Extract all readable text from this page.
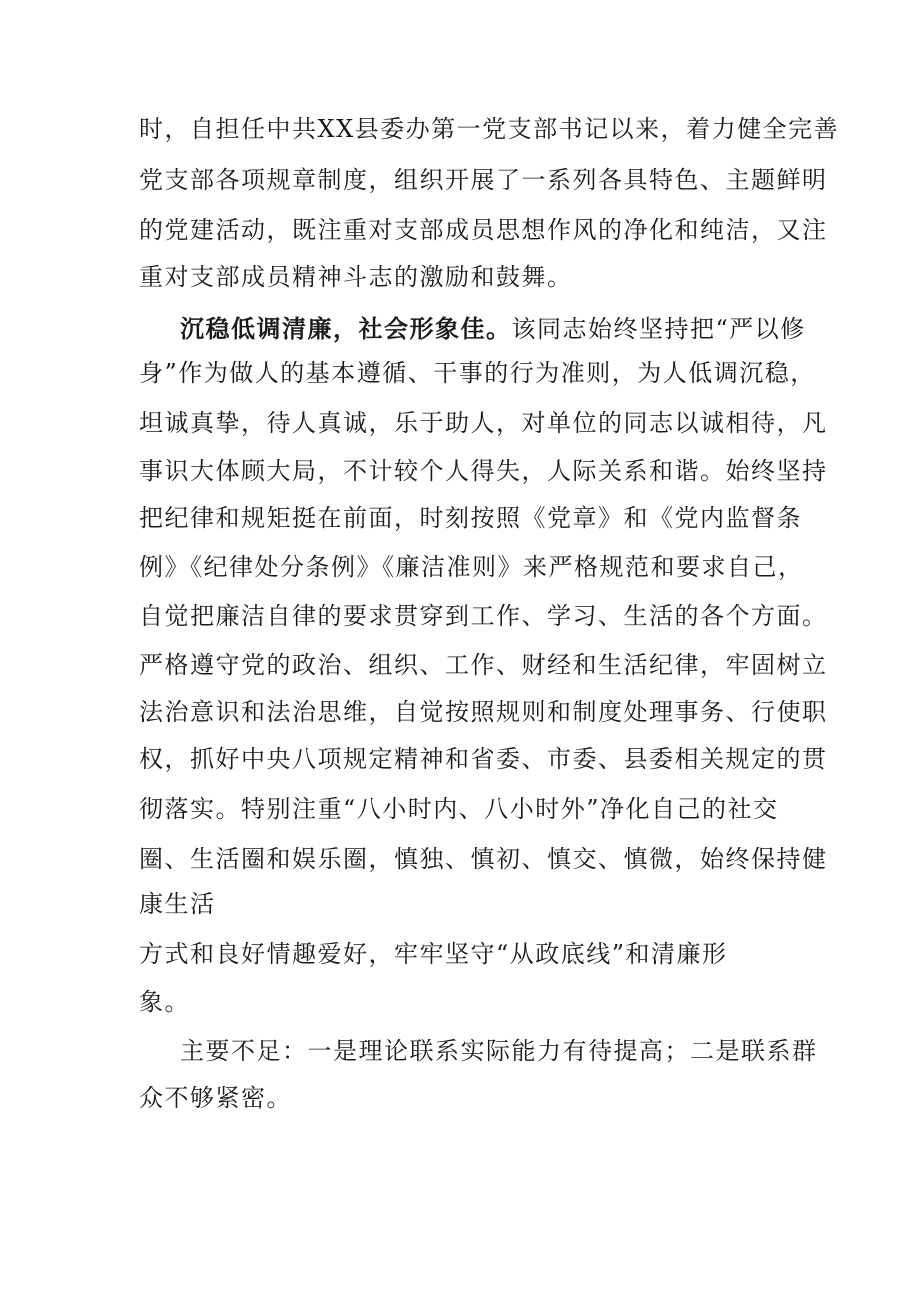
时，自担任中共XX县委办第一党支部书记以来，着力健全完善
党支部各项规章制度，组织开展了一系列各具特色、主题鲜明
的党建活动，既注重对支部成员思想作风的净化和纯洁，又注
重对支部成员精神斗志的激励和鼓舞。
沉稳低调清廉，社会形象佳。该同志始终坚持把“严以修
身”作为做人的基本遵循、干事的行为准则，为人低调沉稳，
坦诚真挚，待人真诚，乐于助人，对单位的同志以诚相待，凡
事识大体顾大局，不计较个人得失，人际关系和谐。始终坚持
把纪律和规矩挺在前面，时刻按照《党章》和《党内监督条
例》《纪律处分条例》《廉洁准则》来严格规范和要求自己，
自觉把廉洁自律的要求贯穿到工作、学习、生活的各个方面。
严格遵守党的政治、组织、工作、财经和生活纪律，牢固树立
法治意识和法治思维，自觉按照规则和制度处理事务、行使职
权，抓好中央八项规定精神和省委、市委、县委相关规定的贯
彻落实。特别注重“八小时内、八小时外”净化自己的社交
圈、生活圈和娱乐圈，慎独、慎初、慎交、慎微，始终保持健
康生活
方式和良好情趣爱好，牢牢坚守“从政底线”和清廉形
象。
主要不足：一是理论联系实际能力有待提高；二是联系群
众不够紧密。
